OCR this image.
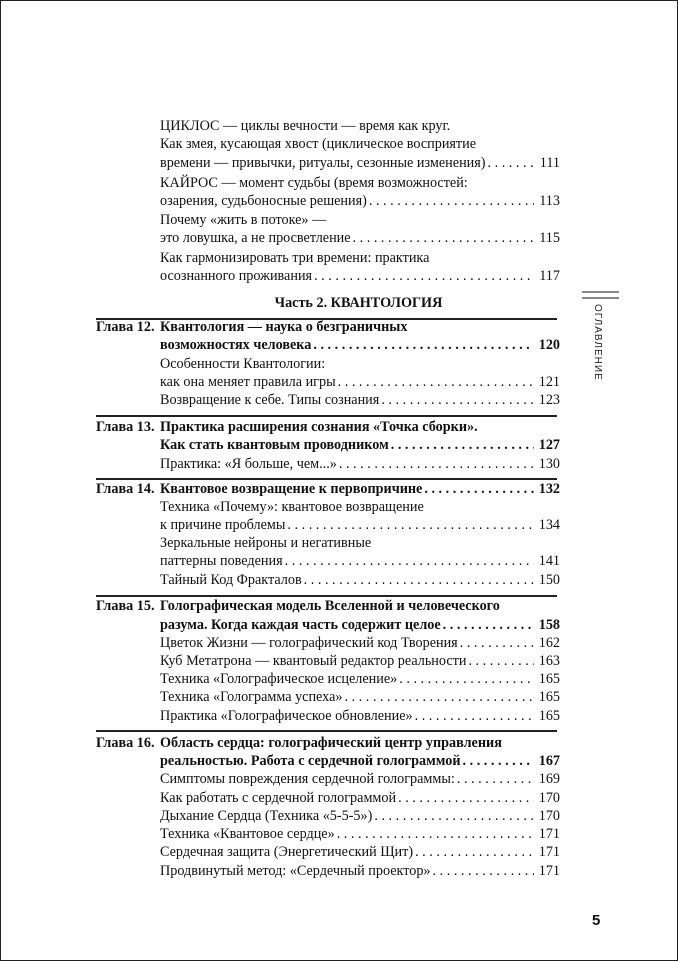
ЦИКЛОС — циклы вечности — время как круг.
Как змея, кусающая хвост (циклическое восприятие
времени — привычки, ритуалы, сезонные изменения) . . .	111
КАЙРОС — момент судьбы (время возможностей:
озарения, судьбоносные решения) . . .	113
Почему «жить в потоке» —
это ловушка, а не просветление . . .	115
Как гармонизировать три времени: практика
осознанного проживания . . .	117
Глава 12. Квантология — наука о безграничных
возможностях человека . . .	120
Особенности Квантологии:
как она меняет правила игры . . .	121
Возвращение к себе. Типы сознания . . .	123
Глава 13. Практика расширения сознания «Точка сборки».
Как стать квантовым проводником . . .	127
Практика: «Я больше, чем...» . . .	130
Глава 14. Квантовое возвращение к первопричине . . .	132
Техника «Почему»: квантовое возвращение
к причине проблемы . . .	134
Зеркальные нейроны и негативные
паттерны поведения . . .	141
Тайный Код Фракталов . . .	150
Глава 15. Голографическая модель Вселенной и человеческого
разума. Когда каждая часть содержит целое . . .	158
Цветок Жизни — голографический код Творения . . .	162
Куб Метатрона — квантовый редактор реальности . . .	163
Техника «Голографическое исцеление» . . .	165
Техника «Голограмма успеха» . . .	165
Практика «Голографическое обновление» . . .	165
Глава 16. Область сердца: голографический центр управления
реальностью. Работа с сердечной голограммой . . .	167
Симптомы повреждения сердечной голограммы: . . .	169
Как работать с сердечной голограммой . . .	170
Дыхание Сердца (Техника «5-5-5») . . .	170
Техника «Квантовое сердце» . . .	171
Сердечная защита (Энергетический Щит) . . .	171
Продвинутый метод: «Сердечный проектор» . . .	171
Часть 2. КВАНТОЛОГИЯ
ОГЛАВЛЕНИЕ
5
